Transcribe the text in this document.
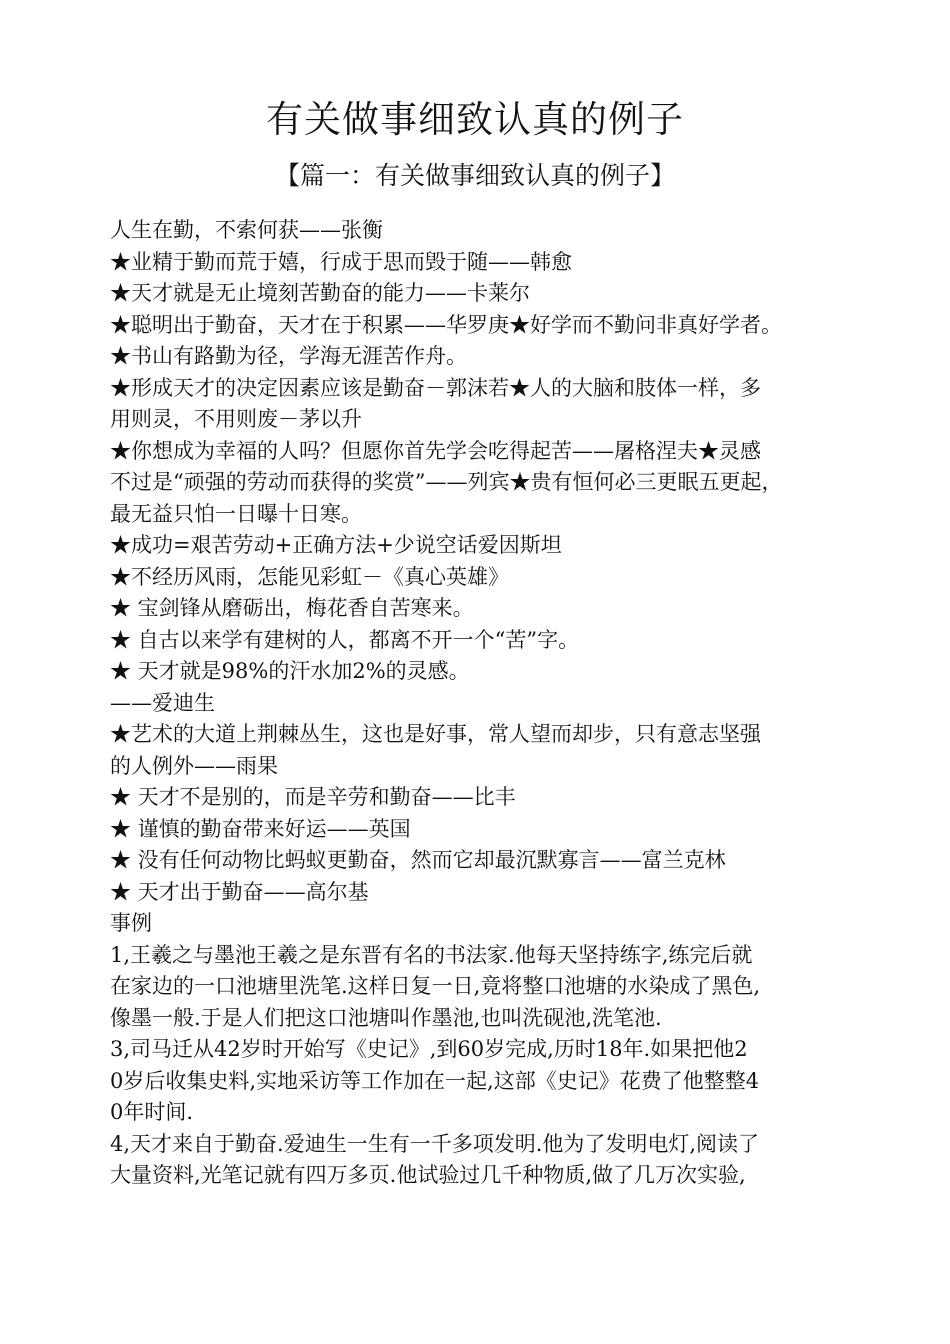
有关做事细致认真的例子
【篇一：有关做事细致认真的例子】
人生在勤，不索何获——张衡
★业精于勤而荒于嬉，行成于思而毁于随——韩愈
★天才就是无止境刻苦勤奋的能力——卡莱尔
★聪明出于勤奋，天才在于积累——华罗庚★好学而不勤问非真好学者。
★书山有路勤为径，学海无涯苦作舟。
★形成天才的决定因素应该是勤奋－郭沫若★人的大脑和肢体一样，多
用则灵，不用则废－茅以升
★你想成为幸福的人吗？但愿你首先学会吃得起苦——屠格涅夫★灵感
不过是“顽强的劳动而获得的奖赏”——列宾★贵有恒何必三更眠五更起，
最无益只怕一日曝十日寒。
★成功=艰苦劳动+正确方法+少说空话爱因斯坦
★不经历风雨，怎能见彩虹－《真心英雄》
★ 宝剑锋从磨砺出，梅花香自苦寒来。
★ 自古以来学有建树的人，都离不开一个“苦”字。
★ 天才就是98%的汗水加2%的灵感。
——爱迪生
★艺术的大道上荆棘丛生，这也是好事，常人望而却步，只有意志坚强
的人例外——雨果
★ 天才不是别的，而是辛劳和勤奋——比丰
★ 谨慎的勤奋带来好运——英国
★ 没有任何动物比蚂蚁更勤奋，然而它却最沉默寡言——富兰克林
★ 天才出于勤奋——高尔基
事例
1,王羲之与墨池王羲之是东晋有名的书法家.他每天坚持练字,练完后就
在家边的一口池塘里洗笔.这样日复一日,竟将整口池塘的水染成了黑色,
像墨一般.于是人们把这口池塘叫作墨池,也叫洗砚池,洗笔池.
3,司马迁从42岁时开始写《史记》,到60岁完成,历时18年.如果把他2
0岁后收集史料,实地采访等工作加在一起,这部《史记》花费了他整整4
0年时间.
4,天才来自于勤奋.爱迪生一生有一千多项发明.他为了发明电灯,阅读了
大量资料,光笔记就有四万多页.他试验过几千种物质,做了几万次实验,
